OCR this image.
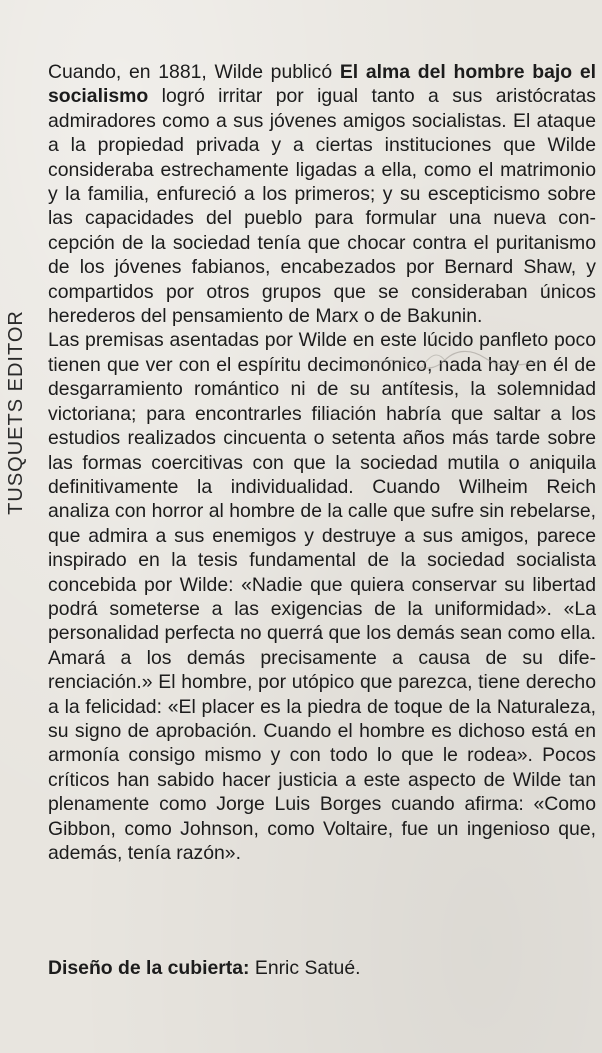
TUSQUETS EDITOR

Cuando, en 1881, Wilde publicó El alma del hombre bajo el socialismo logró irritar por igual tanto a sus aristócratas admiradores como a sus jóvenes amigos socialistas. El ataque a la propiedad privada y a ciertas instituciones que Wilde consideraba estrechamente ligadas a ella, como el matrimonio y la familia, enfureció a los primeros; y su escepticismo sobre las capacidades del pueblo para formular una nueva concepción de la sociedad tenía que chocar contra el puritanismo de los jóvenes fabianos, encabezados por Bernard Shaw, y compartidos por otros grupos que se consideraban únicos herederos del pensamiento de Marx o de Bakunin.

Las premisas asentadas por Wilde en este lúcido panfleto poco tienen que ver con el espíritu decimonónico, nada hay en él de desgarramiento romántico ni de su antítesis, la solemnidad victoriana; para encontrarles filiación habría que saltar a los estudios realizados cincuenta o setenta años más tarde sobre las formas coercitivas con que la sociedad mutila o aniquila definitivamente la individualidad. Cuando Wilheim Reich analiza con horror al hombre de la calle que sufre sin rebelarse, que admira a sus enemigos y destruye a sus amigos, parece inspirado en la tesis fundamental de la sociedad socialista concebida por Wilde: «Nadie que quiera conservar su libertad podrá someterse a las exigencias de la uniformidad». «La personalidad perfecta no querrá que los demás sean como ella. Amará a los demás precisamente a causa de su diferenciación.» El hombre, por utópico que parezca, tiene derecho a la felicidad: «El placer es la piedra de toque de la Naturaleza, su signo de aprobación. Cuando el hombre es dichoso está en armonía consigo mismo y con todo lo que le rodea». Pocos críticos han sabido hacer justicia a este aspecto de Wilde tan plenamente como Jorge Luis Borges cuando afirma: «Como Gibbon, como Johnson, como Voltaire, fue un ingenioso que, además, tenía razón».

Diseño de la cubierta: Enric Satué.
